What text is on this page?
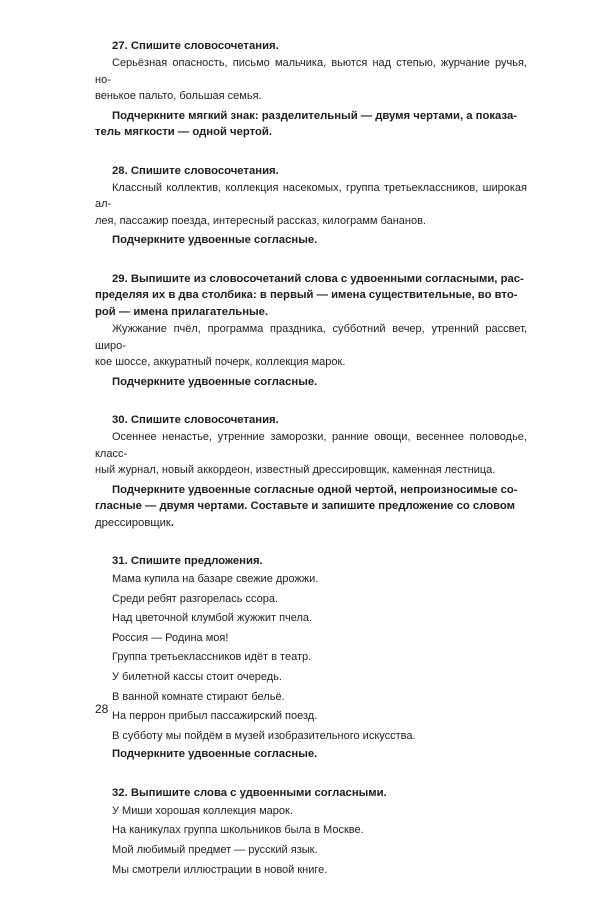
27. Спишите словосочетания.

Серьёзная опасность, письмо мальчика, вьются над степью, журчание ручья, но-
венькое пальто, большая семья.

Подчеркните мягкий знак: разделительный — двумя чертами, а показа-
тель мягкости — одной чертой.

28. Спишите словосочетания.

Классный коллектив, коллекция насекомых, группа третьеклассников, широкая ал-
лея, пассажир поезда, интересный рассказ, килограмм бананов.

Подчеркните удвоенные согласные.

29. Выпишите из словосочетаний слова с удвоенными согласными, рас-
пределяя их в два столбика: в первый — имена существительные, во вто-
рой — имена прилагательные.

Жужжание пчёл, программа праздника, субботний вечер, утренний рассвет, широ-
кое шоссе, аккуратный почерк, коллекция марок.

Подчеркните удвоенные согласные.

30. Спишите словосочетания.

Осеннее ненастье, утренние заморозки, ранние овощи, весеннее половодье, класс-
ный журнал, новый аккордеон, известный дрессировщик, каменная лестница.

Подчеркните удвоенные согласные одной чертой, непроизносимые со-
гласные — двумя чертами. Составьте и запишите предложение со словом
дрессировщик.

31. Спишите предложения.

Мама купила на базаре свежие дрожжи.
Среди ребят разгорелась ссора.
Над цветочной клумбой жужжит пчела.
Россия — Родина моя!
Группа третьеклассников идёт в театр.
У билетной кассы стоит очередь.
В ванной комнате стирают бельё.
На перрон прибыл пассажирский поезд.
В субботу мы пойдём в музей изобразительного искусства.

Подчеркните удвоенные согласные.

32. Выпишите слова с удвоенными согласными.

У Миши хорошая коллекция марок.
На каникулах группа школьников была в Москве.
Мой любимый предмет — русский язык.
Мы смотрели иллюстрации в новой книге.
28
